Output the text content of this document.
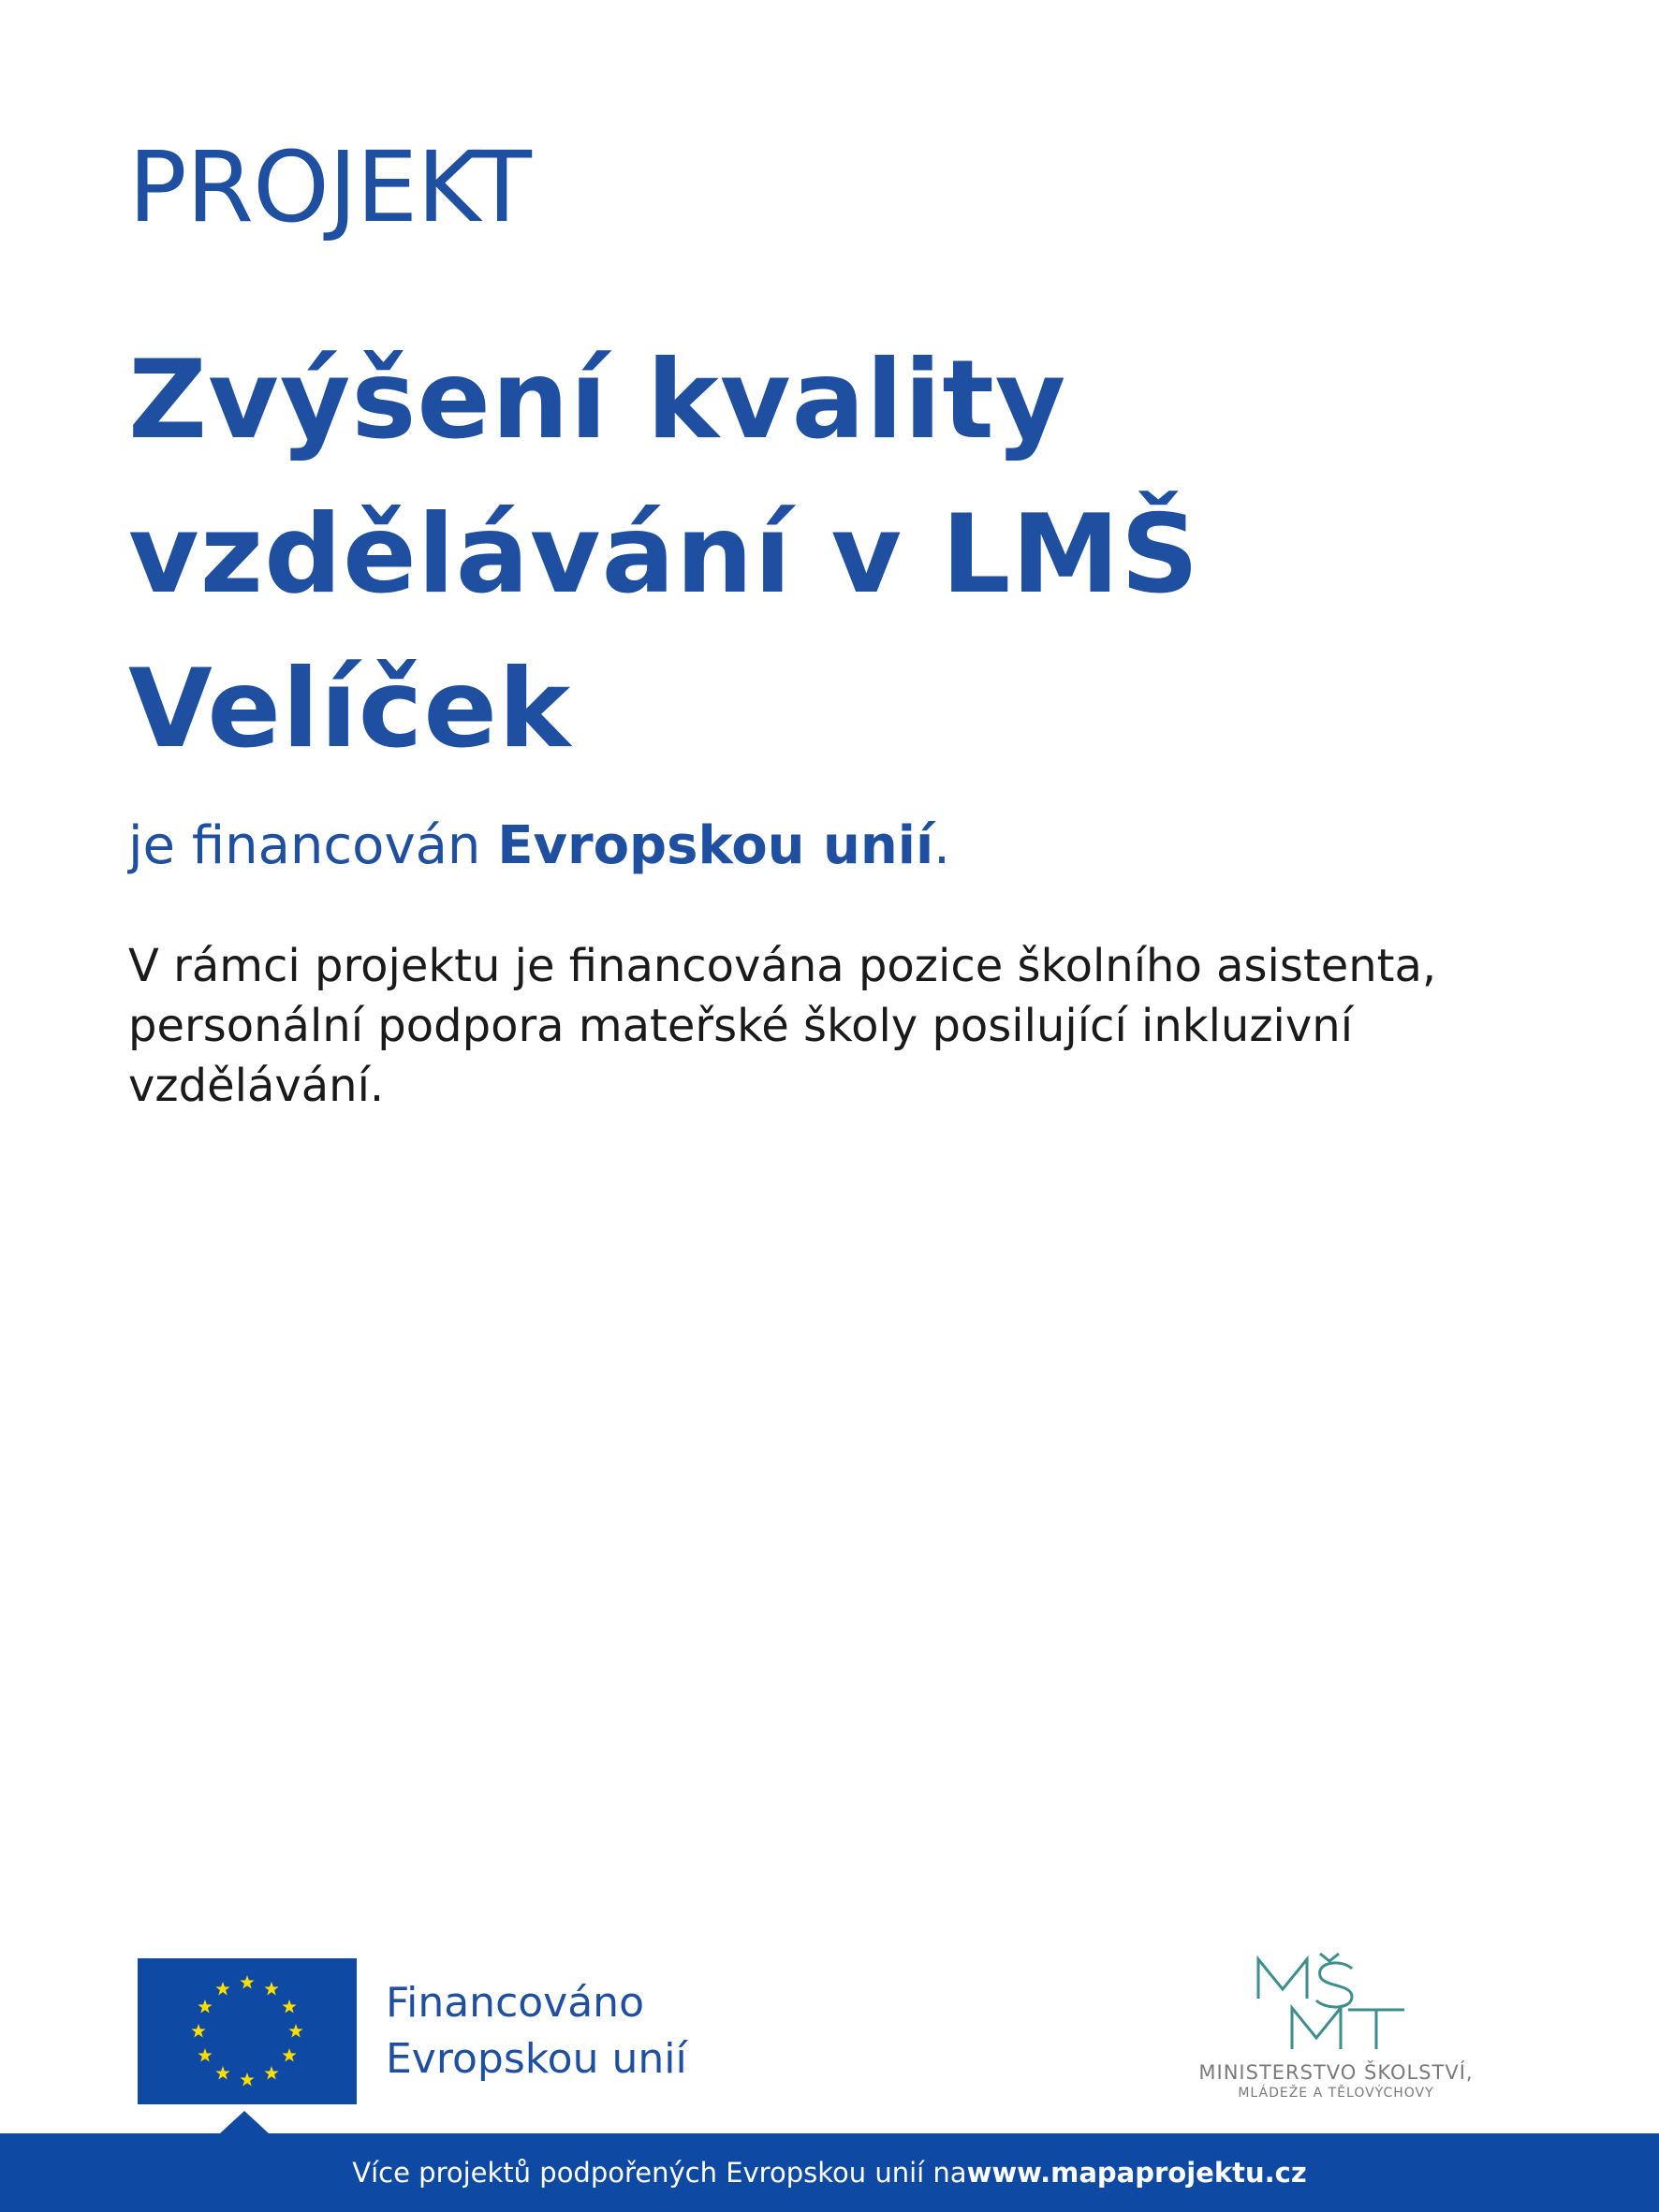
PROJEKT
Zvýšení kvality
vzdělávání v LMŠ
Velíček
je financován Evropskou unií.
V rámci projektu je financována pozice školního asistenta,
personální podpora mateřské školy posilující inkluzivní
vzdělávání.
Financováno
Evropskou unií	MINISTERSTVO ŠKOLSTVÍ,
MLÁDEŽE A TĚLOVÝCHOVY
Více projektů podpořených Evropskou unií na www.mapaprojektu.cz
